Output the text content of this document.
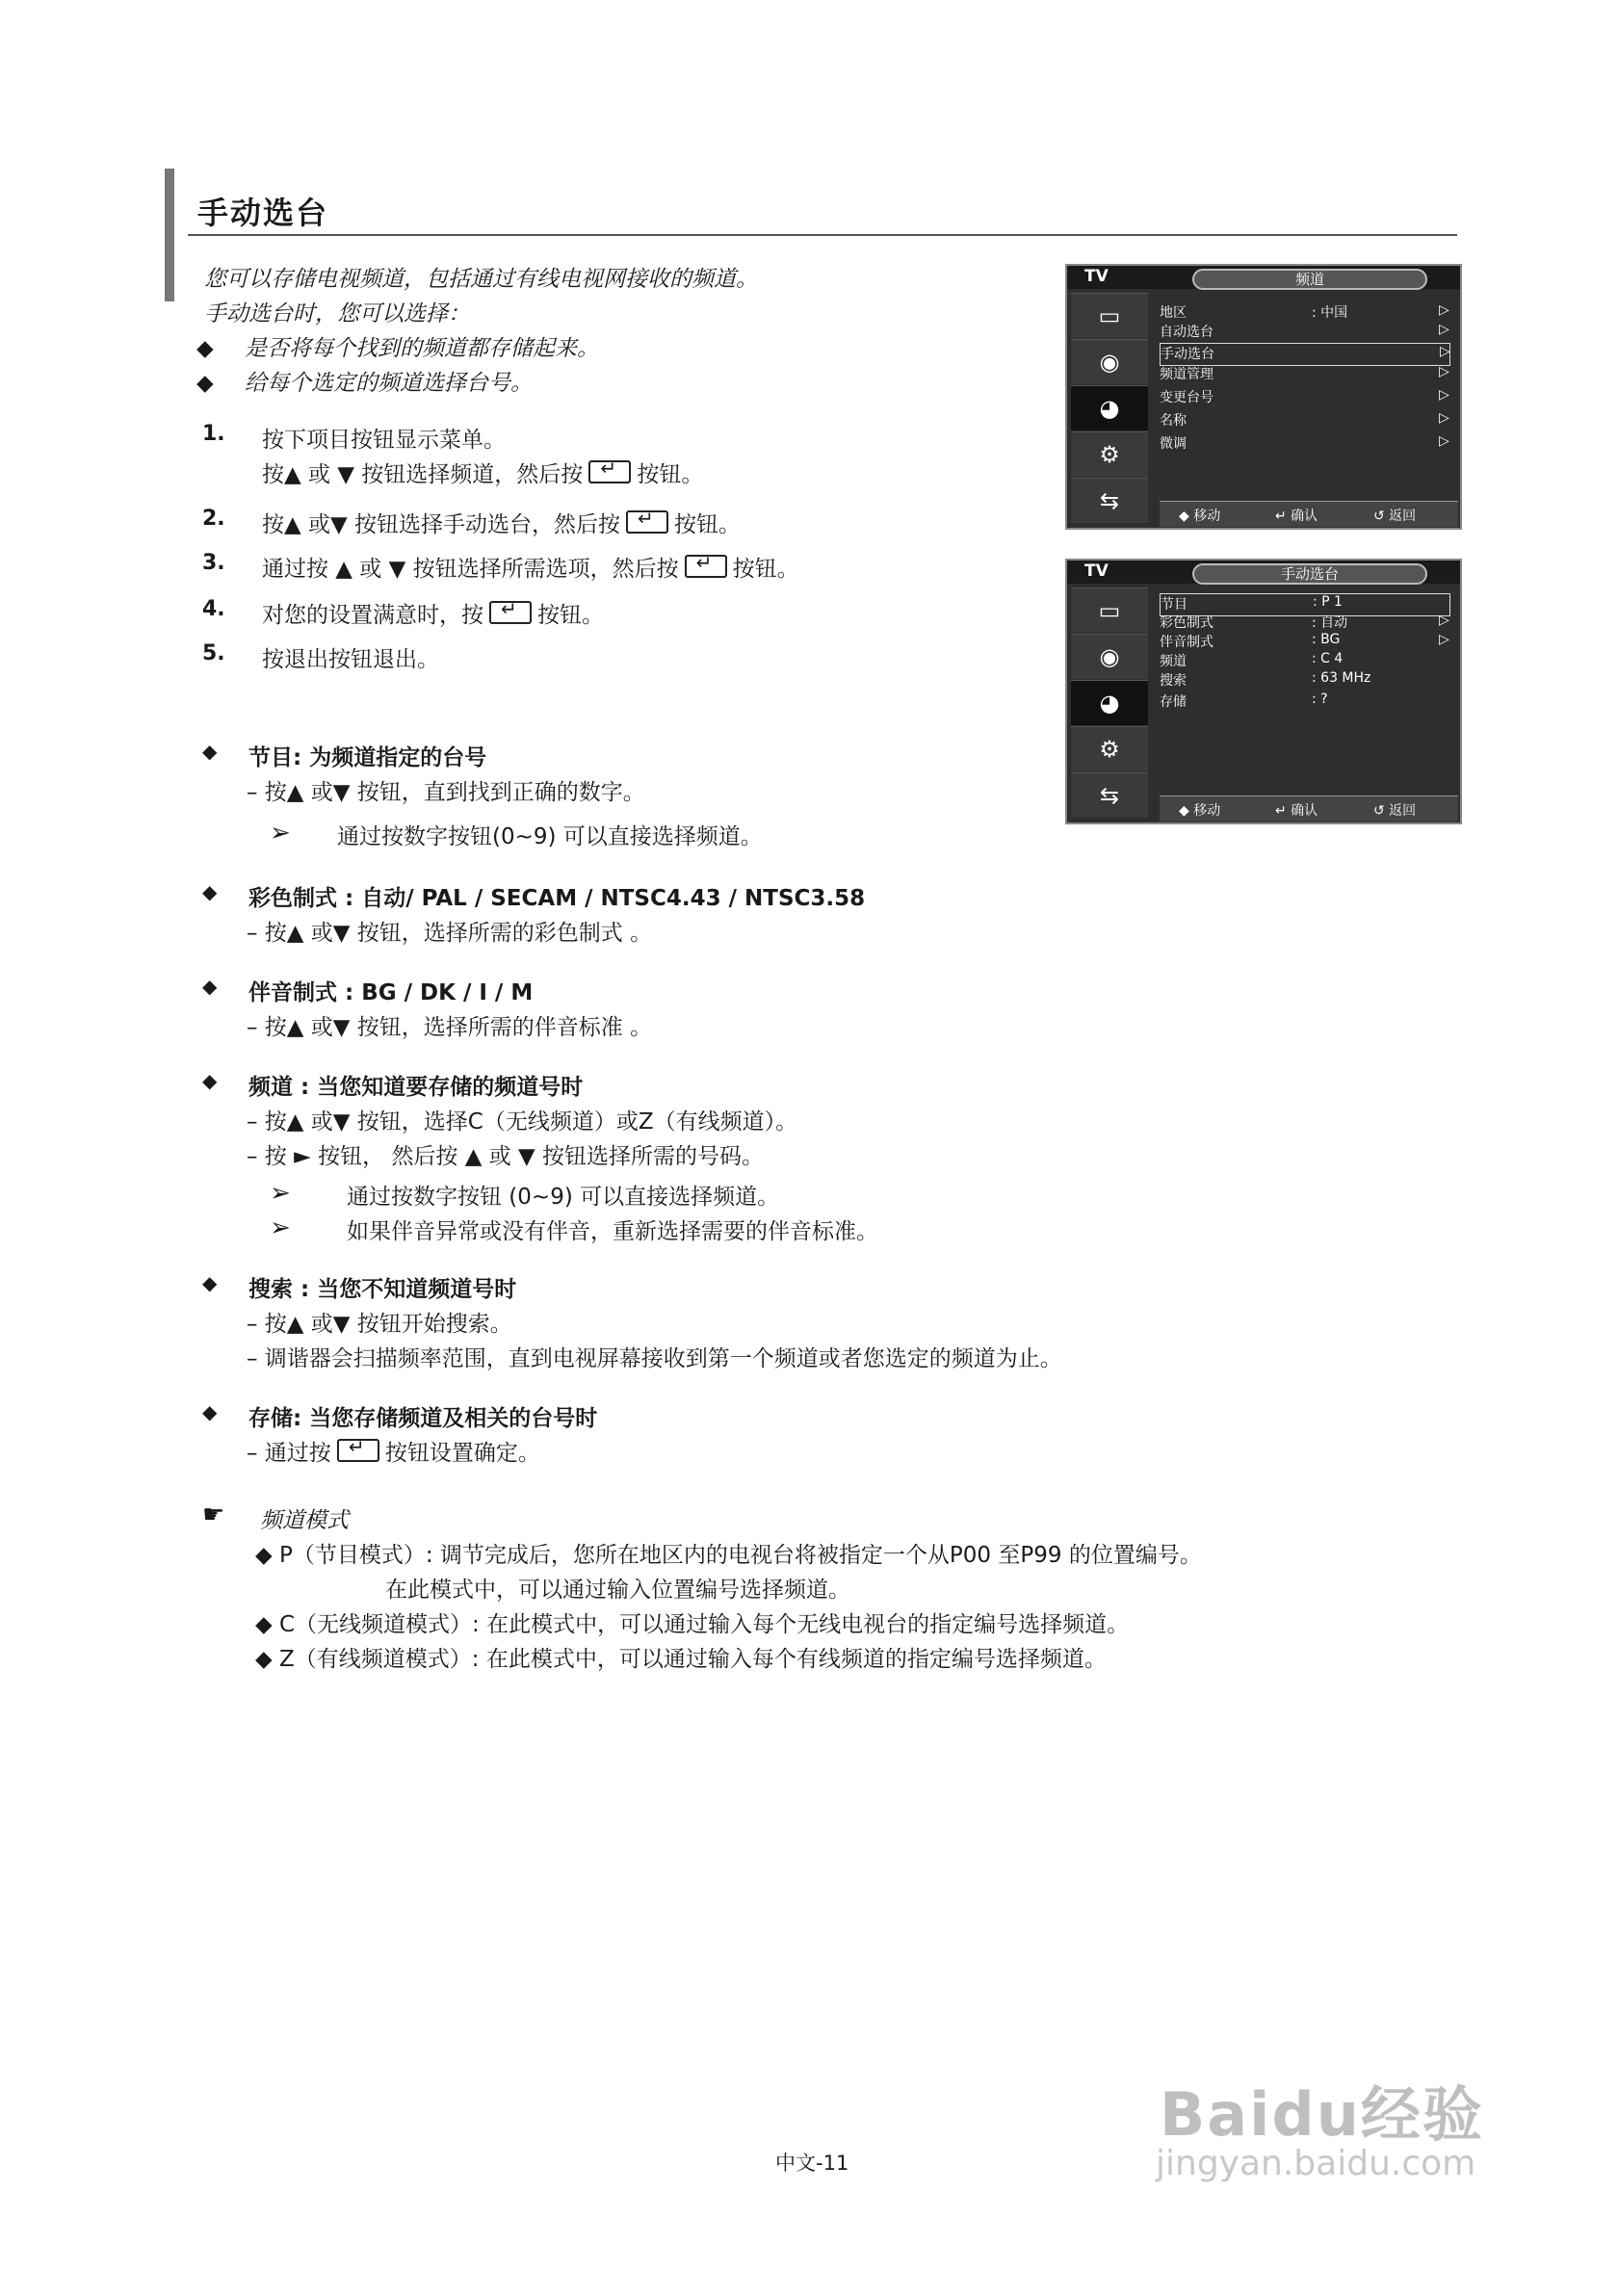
手动选台
您可以存储电视频道，包括通过有线电视网接收的频道。
手动选台时，您可以选择：
◆ 是否将每个找到的频道都存储起来。
◆ 给每个选定的频道选择台号。
1. 按下项目按钮显示菜单。
按▲ 或 ▼ 按钮选择频道，然后按 ↵ 按钮。
2. 按▲ 或▼ 按钮选择手动选台，然后按 ↵ 按钮。
3. 通过按 ▲ 或 ▼ 按钮选择所需选项，然后按 ↵ 按钮。
4. 对您的设置满意时，按 ↵ 按钮。
5. 按退出按钮退出。
◆ 节目: 为频道指定的台号
– 按▲ 或▼ 按钮，直到找到正确的数字。
➢ 通过按数字按钮(0~9) 可以直接选择频道。
◆ 彩色制式 : 自动/ PAL / SECAM / NTSC4.43 / NTSC3.58
– 按▲ 或▼ 按钮，选择所需的彩色制式 。
◆ 伴音制式 : BG / DK / I / M
– 按▲ 或▼ 按钮，选择所需的伴音标准 。
◆ 频道 : 当您知道要存储的频道号时
– 按▲ 或▼ 按钮，选择C（无线频道）或Z（有线频道）。
– 按 ► 按钮， 然后按 ▲ 或 ▼ 按钮选择所需的号码。
➢	通过按数字按钮 (0~9) 可以直接选择频道。
➢	如果伴音异常或没有伴音，重新选择需要的伴音标准。
◆ 搜索 : 当您不知道频道号时
– 按▲ 或▼ 按钮开始搜索。
– 调谐器会扫描频率范围，直到电视屏幕接收到第一个频道或者您选定的频道为止。
◆ 存储: 当您存储频道及相关的台号时
– 通过按 ↵ 按钮设置确定。
☛ 频道模式
◆ P（节目模式）: 调节完成后，您所在地区内的电视台将被指定一个从P00 至P99 的位置编号。
在此模式中，可以通过输入位置编号选择频道。
◆ C（无线频道模式）: 在此模式中，可以通过输入每个无线电视台的指定编号选择频道。
◆ Z（有线频道模式）: 在此模式中，可以通过输入每个有线频道的指定编号选择频道。
TV	频道
▭
◉
◕
⚙
⇆
地区	: 中国	▷
自动选台	▷
手动选台	▷
频道管理	▷
变更台号	▷
名称	▷
微调	▷
◆ 移动	↵ 确认	↺ 返回
TV	手动选台
▭
◉
◕
⚙
⇆
节目	: P 1
彩色制式	: 自动	▷
伴音制式	: BG	▷
频道	: C 4
搜索	: 63 MHz
存储	: ?
◆ 移动	↵ 确认	↺ 返回
中文-11
Baidu经验
jingyan.baidu.com
